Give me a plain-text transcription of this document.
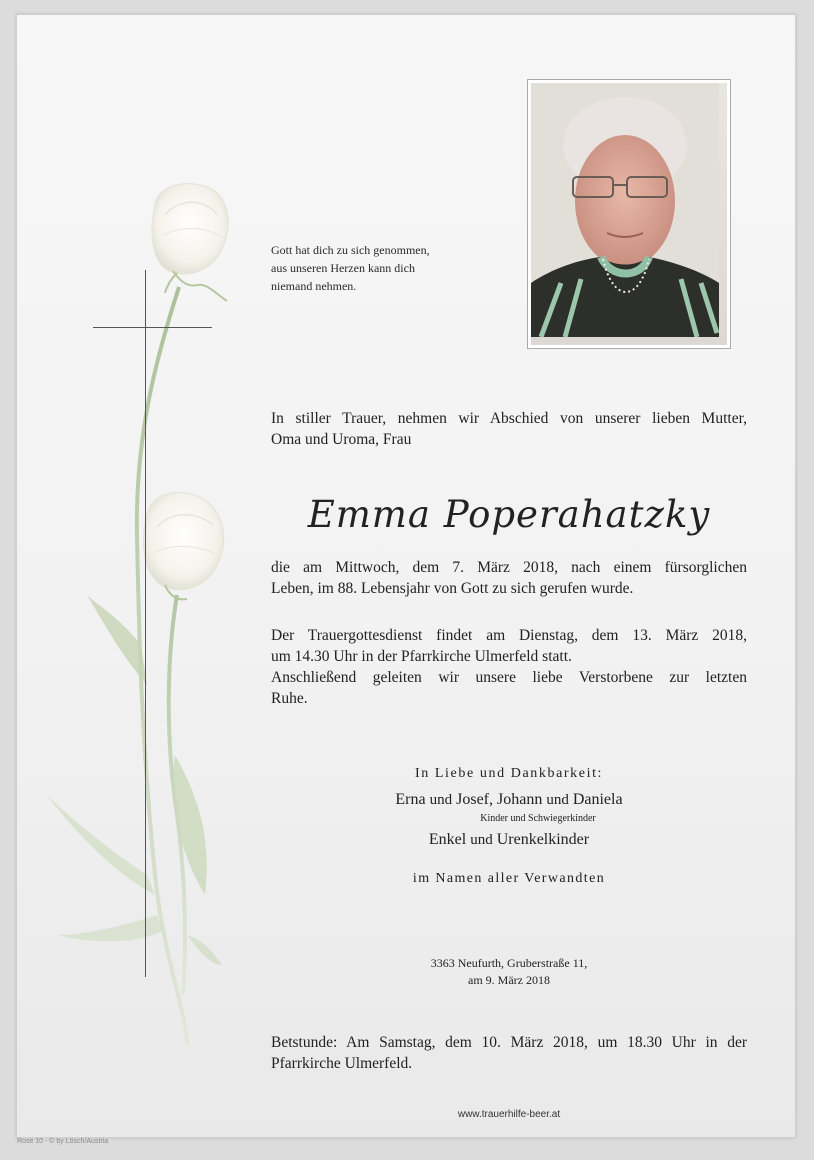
Gott hat dich zu sich genommen,
aus unseren Herzen kann dich
niemand nehmen.
In stiller Trauer, nehmen wir Abschied von unserer lieben Mutter,
Oma und Uroma, Frau
Emma Poperahatzky
die am Mittwoch, dem 7. März 2018, nach einem fürsorglichen
Leben, im 88. Lebensjahr von Gott zu sich gerufen wurde.
Der Trauergottesdienst findet am Dienstag, dem 13. März 2018,
um 14.30 Uhr in der Pfarrkirche Ulmerfeld statt.
Anschließend geleiten wir unsere liebe Verstorbene zur letzten
Ruhe.
In Liebe und Dankbarkeit:
Erna und Josef, Johann und Daniela
Kinder und Schwiegerkinder
Enkel und Urenkelkinder
im Namen aller Verwandten
3363 Neufurth, Gruberstraße 11,
am 9. März 2018
Betstunde: Am Samstag, dem 10. März 2018, um 18.30 Uhr in der
Pfarrkirche Ulmerfeld.
www.trauerhilfe-beer.at
Rose 10 - © by Lösch/Austria
